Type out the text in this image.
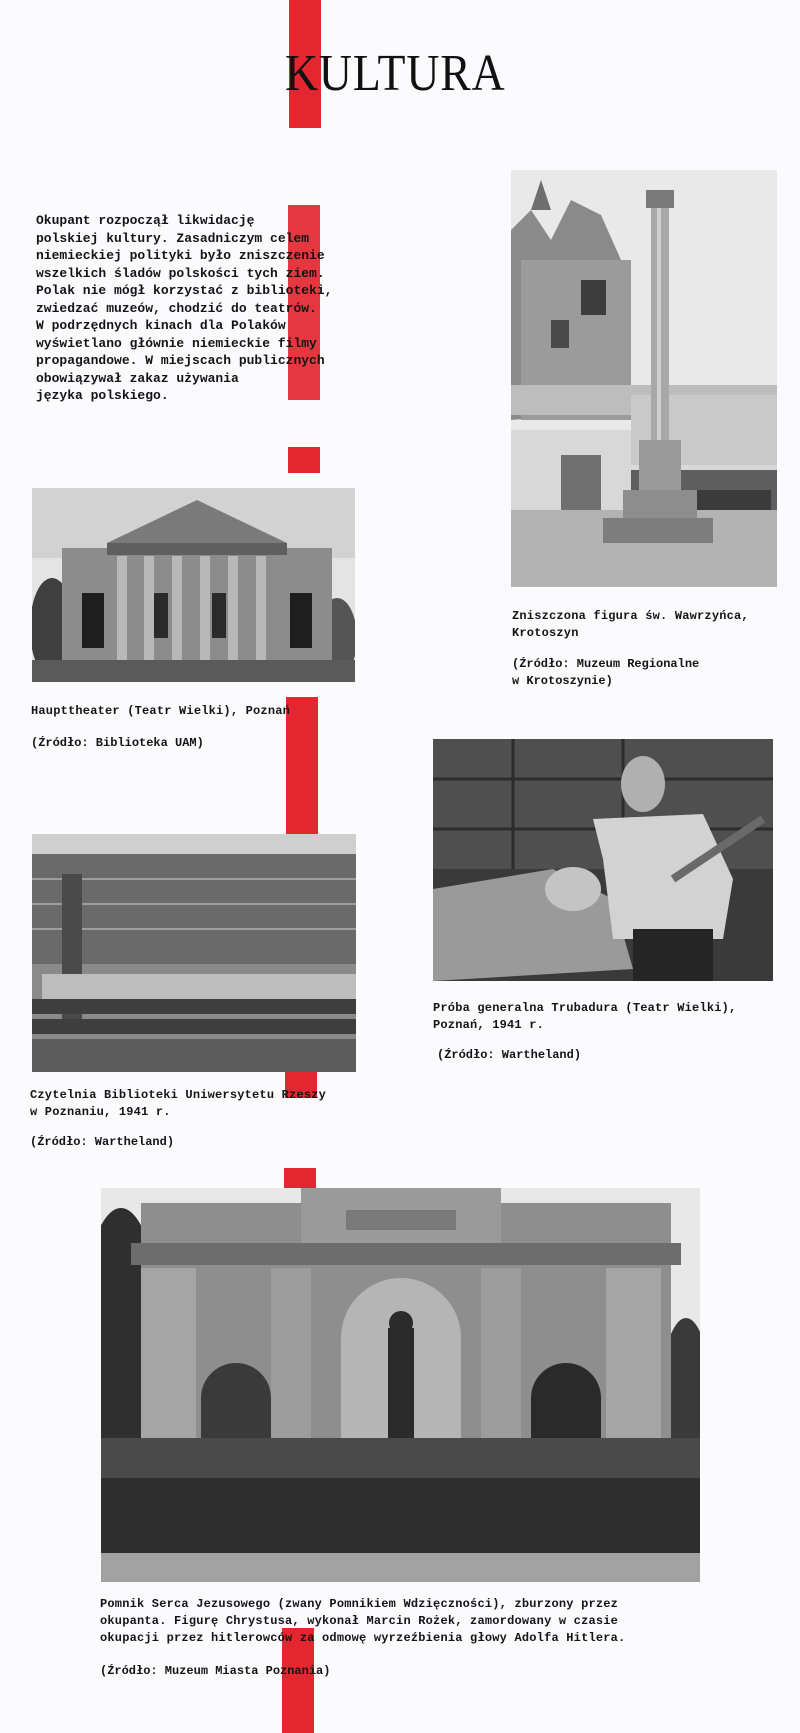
KULTURA
Okupant rozpoczął likwidację
polskiej kultury. Zasadniczym celem
niemieckiej polityki było zniszczenie
wszelkich śladów polskości tych ziem.
Polak nie mógł korzystać z biblioteki,
zwiedzać muzeów, chodzić do teatrów.
W podrzędnych kinach dla Polaków
wyświetlano głównie niemieckie filmy
propagandowe. W miejscach publicznych
obowiązywał zakaz używania
języka polskiego.
Zniszczona figura św. Wawrzyńca,
Krotoszyn
(Źródło: Muzeum Regionalne
w Krotoszynie)
Haupttheater (Teatr Wielki), Poznań
(Źródło: Biblioteka UAM)
Próba generalna Trubadura (Teatr Wielki),
Poznań, 1941 r.
(Źródło: Wartheland)
Czytelnia Biblioteki Uniwersytetu Rzeszy
w Poznaniu, 1941 r.
(Źródło: Wartheland)
Pomnik Serca Jezusowego (zwany Pomnikiem Wdzięczności), zburzony przez
okupanta. Figurę Chrystusa, wykonał Marcin Rożek, zamordowany w czasie
okupacji przez hitlerowców za odmowę wyrzeźbienia głowy Adolfa Hitlera.
(Źródło: Muzeum Miasta Poznania)
